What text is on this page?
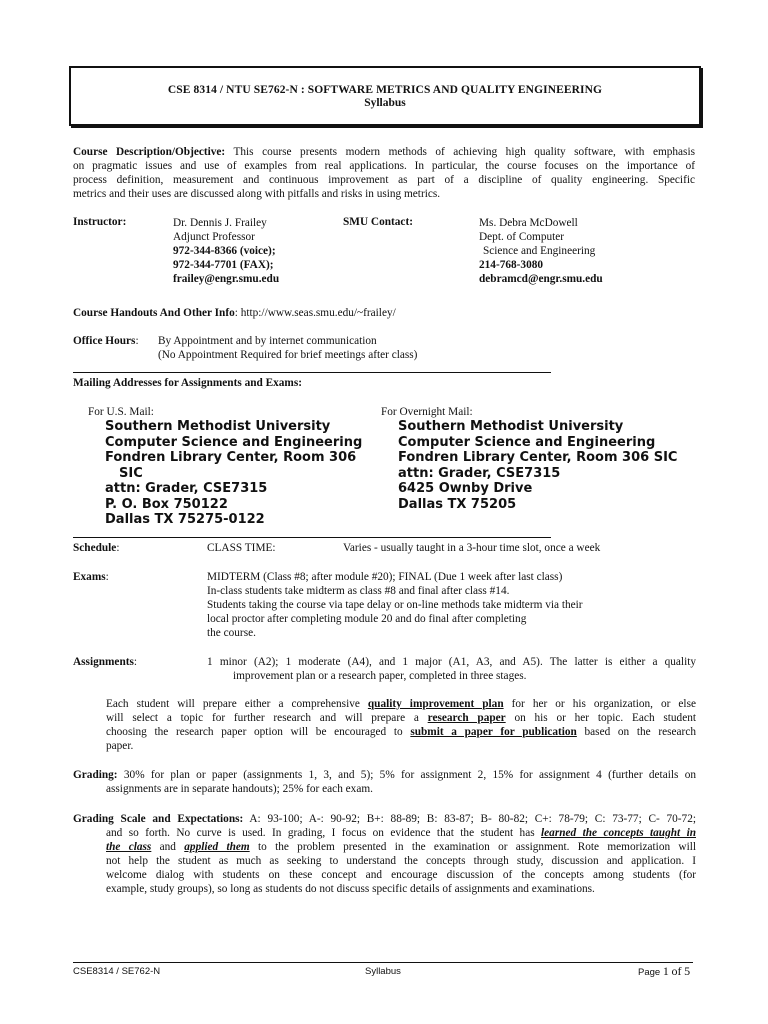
CSE 8314 / NTU SE762-N : SOFTWARE METRICS AND QUALITY ENGINEERING
Syllabus
Course Description/Objective: This course presents modern methods of achieving high quality software, with emphasis
on pragmatic issues and use of examples from real applications. In particular, the course focuses on the importance of
process definition, measurement and continuous improvement as part of a discipline of quality engineering. Specific
metrics and their uses are discussed along with pitfalls and risks in using metrics.
Instructor:	Dr. Dennis J. Frailey
Adjunct Professor
972-344-8366 (voice);
972-344-7701 (FAX);
frailey@engr.smu.edu
SMU Contact:	Ms. Debra McDowell
Dept. of Computer
Science and Engineering
214-768-3080
debramcd@engr.smu.edu
Course Handouts And Other Info: http://www.seas.smu.edu/~frailey/
Office Hours: By Appointment and by internet communication
(No Appointment Required for brief meetings after class)
Mailing Addresses for Assignments and Exams:
For U.S. Mail:
Southern Methodist University
Computer Science and Engineering
Fondren Library Center, Room 306
SIC
attn: Grader, CSE7315
P. O. Box 750122
Dallas TX 75275-0122
For Overnight Mail:
Southern Methodist University
Computer Science and Engineering
Fondren Library Center, Room 306 SIC
attn: Grader, CSE7315
6425 Ownby Drive
Dallas TX 75205
Schedule:	CLASS TIME:	Varies - usually taught in a 3-hour time slot, once a week
Exams:	MIDTERM (Class #8; after module #20); FINAL (Due 1 week after last class)
In-class students take midterm as class #8 and final after class #14.
Students taking the course via tape delay or on-line methods take midterm via their
local proctor after completing module 20 and do final after completing
the course.
Assignments:	1 minor (A2); 1 moderate (A4), and 1 major (A1, A3, and A5). The latter is either a quality
improvement plan or a research paper, completed in three stages.
Each student will prepare either a comprehensive quality improvement plan for her or his organization, or else
will select a topic for further research and will prepare a research paper on his or her topic. Each student
choosing the research paper option will be encouraged to submit a paper for publication based on the research
paper.
Grading: 30% for plan or paper (assignments 1, 3, and 5); 5% for assignment 2, 15% for assignment 4 (further details on
assignments are in separate handouts); 25% for each exam.
Grading Scale and Expectations: A: 93-100; A-: 90-92; B+: 88-89; B: 83-87; B- 80-82; C+: 78-79; C: 73-77; C- 70-72;
and so forth. No curve is used. In grading, I focus on evidence that the student has learned the concepts taught in
the class and applied them to the problem presented in the examination or assignment. Rote memorization will
not help the student as much as seeking to understand the concepts through study, discussion and application. I
welcome dialog with students on these concept and encourage discussion of the concepts among students (for
example, study groups), so long as students do not discuss specific details of assignments and examinations.
CSE8314 / SE762-N	Syllabus	Page 1 of 5
